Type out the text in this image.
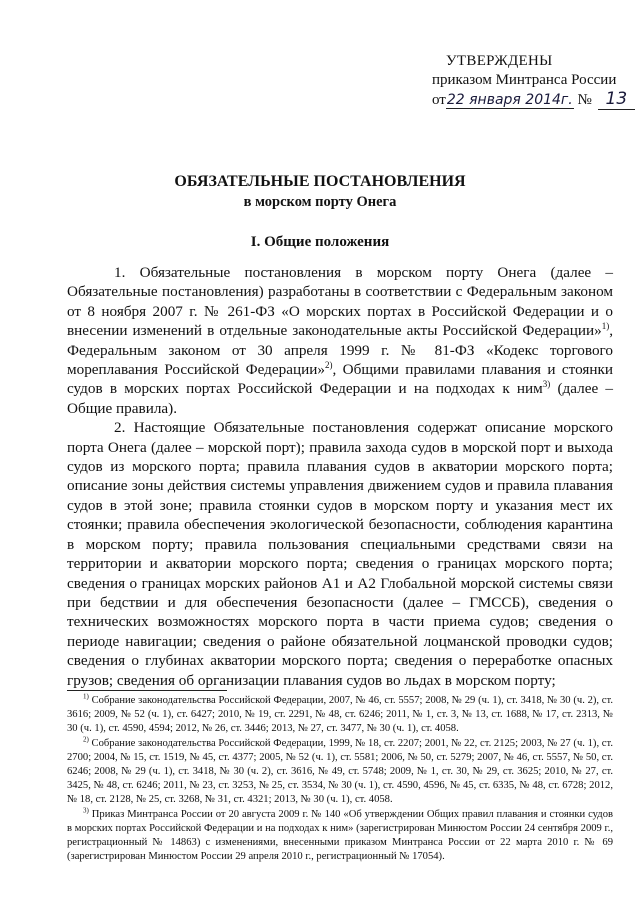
УТВЕРЖДЕНЫ
приказом Минтранса России
от22 января 2014г. № 13
ОБЯЗАТЕЛЬНЫЕ ПОСТАНОВЛЕНИЯ
в морском порту Онега
I. Общие положения

1. Обязательные постановления в морском порту Онега (далее – Обязательные постановления) разработаны в соответствии с Федеральным законом от 8 ноября 2007 г. № 261-ФЗ «О морских портах в Российской Федерации и о внесении изменений в отдельные законодательные акты Российской Федерации»$^{1)}$, Федеральным законом от 30 апреля 1999 г. № 81-ФЗ «Кодекс торгового мореплавания Российской Федерации»$^{2)}$, Общими правилами плавания и стоянки судов в морских портах Российской Федерации и на подходах к ним$^{3)}$ (далее – Общие правила).

2. Настоящие Обязательные постановления содержат описание морского порта Онега (далее – морской порт); правила захода судов в морской порт и выхода судов из морского порта; правила плавания судов в акватории морского порта; описание зоны действия системы управления движением судов и правила плавания судов в этой зоне; правила стоянки судов в морском порту и указания мест их стоянки; правила обеспечения экологической безопасности, соблюдения карантина в морском порту; правила пользования специальными средствами связи на территории и акватории морского порта; сведения о границах морского порта; сведения о границах морских районов А1 и А2 Глобальной морской системы связи при бедствии и для обеспечения безопасности (далее – ГМССБ), сведения о технических возможностях морского порта в части приема судов; сведения о периоде навигации; сведения о районе обязательной лоцманской проводки судов; сведения о глубинах акватории морского порта; сведения о переработке опасных грузов; сведения об организации плавания судов во льдах в морском порту;

$^{1)}$ Собрание законодательства Российской Федерации, 2007, № 46, ст. 5557; 2008, № 29 (ч. 1), ст. 3418, № 30 (ч. 2), ст. 3616; 2009, № 52 (ч. 1), ст. 6427; 2010, № 19, ст. 2291, № 48, ст. 6246; 2011, № 1, ст. 3, № 13, ст. 1688, № 17, ст. 2313, № 30 (ч. 1), ст. 4590, 4594; 2012, № 26, ст. 3446; 2013, № 27, ст. 3477, № 30 (ч. 1), ст. 4058.

$^{2)}$ Собрание законодательства Российской Федерации, 1999, № 18, ст. 2207; 2001, № 22, ст. 2125; 2003, № 27 (ч. 1), ст. 2700; 2004, № 15, ст. 1519, № 45, ст. 4377; 2005, № 52 (ч. 1), ст. 5581; 2006, № 50, ст. 5279; 2007, № 46, ст. 5557, № 50, ст. 6246; 2008, № 29 (ч. 1), ст. 3418, № 30 (ч. 2), ст. 3616, № 49, ст. 5748; 2009, № 1, ст. 30, № 29, ст. 3625; 2010, № 27, ст. 3425, № 48, ст. 6246; 2011, № 23, ст. 3253, № 25, ст. 3534, № 30 (ч. 1), ст. 4590, 4596, № 45, ст. 6335, № 48, ст. 6728; 2012, № 18, ст. 2128, № 25, ст. 3268, № 31, ст. 4321; 2013, № 30 (ч. 1), ст. 4058.

$^{3)}$ Приказ Минтранса России от 20 августа 2009 г. № 140 «Об утверждении Общих правил плавания и стоянки судов в морских портах Российской Федерации и на подходах к ним» (зарегистрирован Минюстом России 24 сентября 2009 г., регистрационный № 14863) с изменениями, внесенными приказом Минтранса России от 22 марта 2010 г. № 69 (зарегистрирован Минюстом России 29 апреля 2010 г., регистрационный № 17054).
